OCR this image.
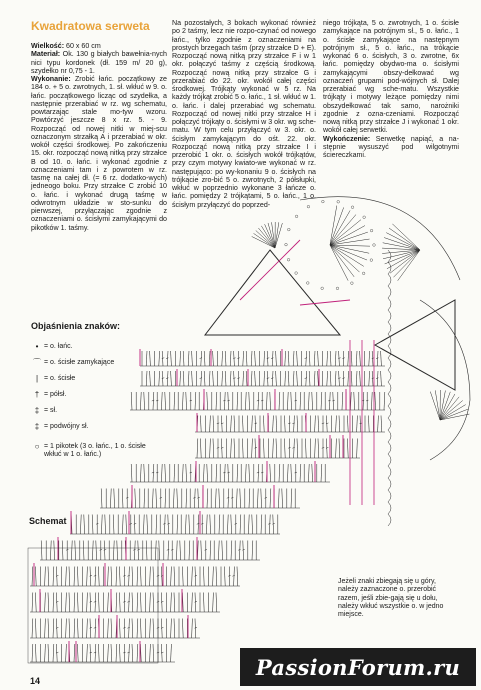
Kwadratowa serweta

Wielkość: 60 x 60 cm

Materiał: Ok. 130 g białych bawełnia-nych nici typu kordonek (dł. 159 m/ 20 g), szydełko nr 0,75 - 1.

Wykonanie: Zrobić łańc. początkowy ze 184 o. + 5 o. zwrotnych, 1. sł. wkłuć w 9. o. łańc. początkowego licząc od szydełka, a następnie przerabiać w rz. wg schematu, powtarzając stale mo-tyw wzoru. Powtórzyć jeszcze 8 x rz. 5. - 9. Rozpocząć od nowej nitki w miej-scu oznaczonym strzałką A i przerabiać w okr. wokół części środkowej. Po zakończeniu 15. okr. rozpocząć nową nitką przy strzałce B od 10. o. łańc. i wykonać zgodnie z oznaczeniami tam i z powrotem w rz. tasmę na całej dł. (= 6 rz. dodatko-wych) jedneogo boku. Przy strzałce C zrobić 10 o. łańc. i wykonać drugą taśmę w odwrotnym układzie w sto-sunku do pierwszej, przyłączając zgodnie z oznaczeniami o. ścisłymi zamykającymi do pikotków 1. taśmy.

Na pozostałych, 3 bokach wykonać również po 2 taśmy, lecz nie rozpo-czynać od nowego łańc., tylko zgodnie z oznaczeniami na prostych brzegach taśm (przy strzałce D + E). Rozpocząć nową nitką przy strzałce F i w 1 okr. połączyć taśmy z częścią środkową. Rozpocząć nową nitką przy strzałce G i przerabiać do 22. okr. wokół całej części środkowej. Trójkąty wykonać w 5 rz. Na każdy trójkąt zrobić 5 o. łańc., 1 sł. wkłuć w 1. o. łańc. i dalej przerabiać wg schematu. Rozpocząć od nowej nitki przy strzałce H i połączyć trójkąty o. ścisłymi w 3 okr. wg sche-matu. W tym celu przyłączyć w 3. okr. o. ścisłym zamykającym do ośt. 22. okr. Rozpocząć nową nitką przy strzałce I i przerobić 1 okr. o. ścisłych wokół trójkątów, przy czym motywy kwiato-we wykonać w rz. następująco: po wy-konaniu 9 o. ścisłych na trójkącie zro-bić 5 o. zwrotnych, 2 półsłupki, wkłuć w poprzednio wykonane 3 łańcze o. łańc. pomiędzy 2 trójkątami, 5 o. łańc., 1 o. ścisłym przyłączyć do poprzed-

niego trójkąta, 5 o. zwrotnych, 1 o. ścisłe zamykające na potrójnym sł., 5 o. łańc., 1 o. ścisłe zamykające na następnym potrójnym sł., 5 o. łańc., na trókącie wykonać 6 o. ścisłych, 3 o. zwrotne, 6x łańc. pomiędzy obydwo-ma o. ścisłymi zamykającymi obszy-dełkować wg oznaczeń grupami pod-wójnych sł. Dalej przerabiać wg sche-matu. Wszystkie trójkąty i motywy leżące pomiędzy nimi obszydełkować tak samo, narożniki zgodnie z ozna-czeniami. Rozpocząć nową nitką przy strzałce J i wykonać 1 okr. wokół całej serwetki.

Wykończenie: Serwetkę napiąć, a na-stępnie wysuszyć pod wilgotnymi ściereczkami.

Objaśnienia znaków:
• = o. łańc.
⌒ = o. ścisłe zamykające
| = o. ścisłe
† = półsł.
‡ = sł.
‡ = podwójny sł.
○ = 1 pikotek (3 o. łańc., 1 o. ścisłe wkłuć w 1 o. łańc.)
Schemat
Jeżeli znaki zbiegają się u góry, należy zaznaczone o. przerobić razem, jeśli zbie-gają się u dołu, należy wkłuć wszystkie o. w jedno miejsce.
14
PassionForum.ru
